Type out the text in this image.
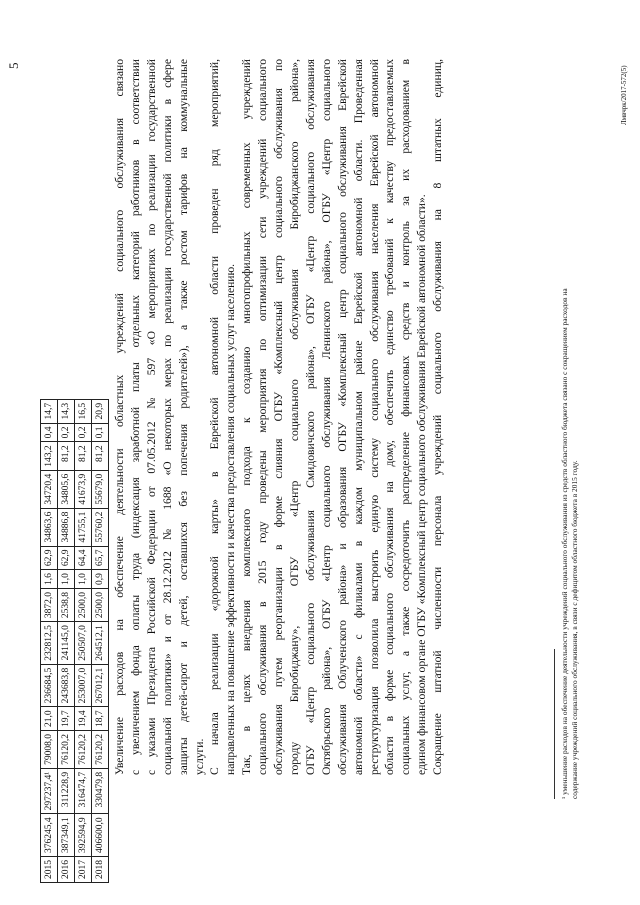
5
2015	376245,4	297237,4¹	79008,0	21,0	236684,5	232812,5	3872,0	1,6	62,9	34863,6	34720,4	143,2	0,4	14,7
2016	387349,1	311228,9	76120,2	19,7	243683,8	241145,0	2538,8	1,0	62,9	34886,8	34805,6	81,2	0,2	14,3
2017	392594,9	316474,7	76120,2	19,4	253007,0	250507,0	2500,0	1,0	64,4	41755,1	41673,9	81,2	0,2	16,5
2018	406600,0	330479,8	76120,2	18,7	267012,1	264512,1	2500,0	0,9	65,7	55760,2	55679,0	81,2	0,1	20,9 Увеличение расходов на обеспечение деятельности областных учреждений социального обслуживания связано с увеличением фонда оплаты труда (индексация заработной платы отдельных категорий работников в соответствии с указами Президента Российской Федерации от 07.05.2012 № 597 «О мероприятиях по реализации государственной социальной политики» и от 28.12.2012 № 1688 «О некоторых мерах по реализации государственной политики в сфере защиты детей-сирот и детей, оставшихся без попечения родителей»), а также ростом тарифов на коммунальные услуги. С начала реализации «дорожной карты» в Еврейской автономной области проведен ряд мероприятий, направленных на повышение эффективности и качества предоставления социальных услуг населению. Так, в целях внедрения комплексного подхода к созданию многопрофильных современных учреждений социального обслуживания в 2015 году проведены мероприятия по оптимизации сети учреждений социального обслуживания путем реорганизации в форме слияния ОГБУ «Комплексный центр социального обслуживания по городу Биробиджану», ОГБУ «Центр социального обслуживания Биробиджанского района», ОГБУ «Центр социального обслуживания Смидовичского района», ОГБУ «Центр социального обслуживания Октябрьского района», ОГБУ «Центр социального обслуживания Ленинского района», ОГБУ «Центр социального обслуживания Облученского района» и образования ОГБУ «Комплексный центр социального обслуживания Еврейской автономной области» с филиалами в каждом муниципальном районе Еврейской автономной области. Проведенная реструктуризация позволила выстроить единую систему социального обслуживания населения Еврейской автономной области в форме социального обслуживания на дому, обеспечить единство требований к качеству предоставляемых социальных услуг, а также сосредоточить распределение финансовых средств и контроль за их расходованием в едином финансовом органе ОГБУ «Комплексный центр социального обслуживания Еврейской автономной области». Сокращение штатной численности персонала учреждений социального обслуживания на 8 штатных единиц,	¹ уменьшение расходов на обеспечение деятельности учреждений социального обслуживания из средств областного бюджета связано с сокращением расходов на содержание учреждений социального обслуживания, в связи с дефицитом областного бюджета в 2015 году.
Лмвчрк/2017-572(5)
